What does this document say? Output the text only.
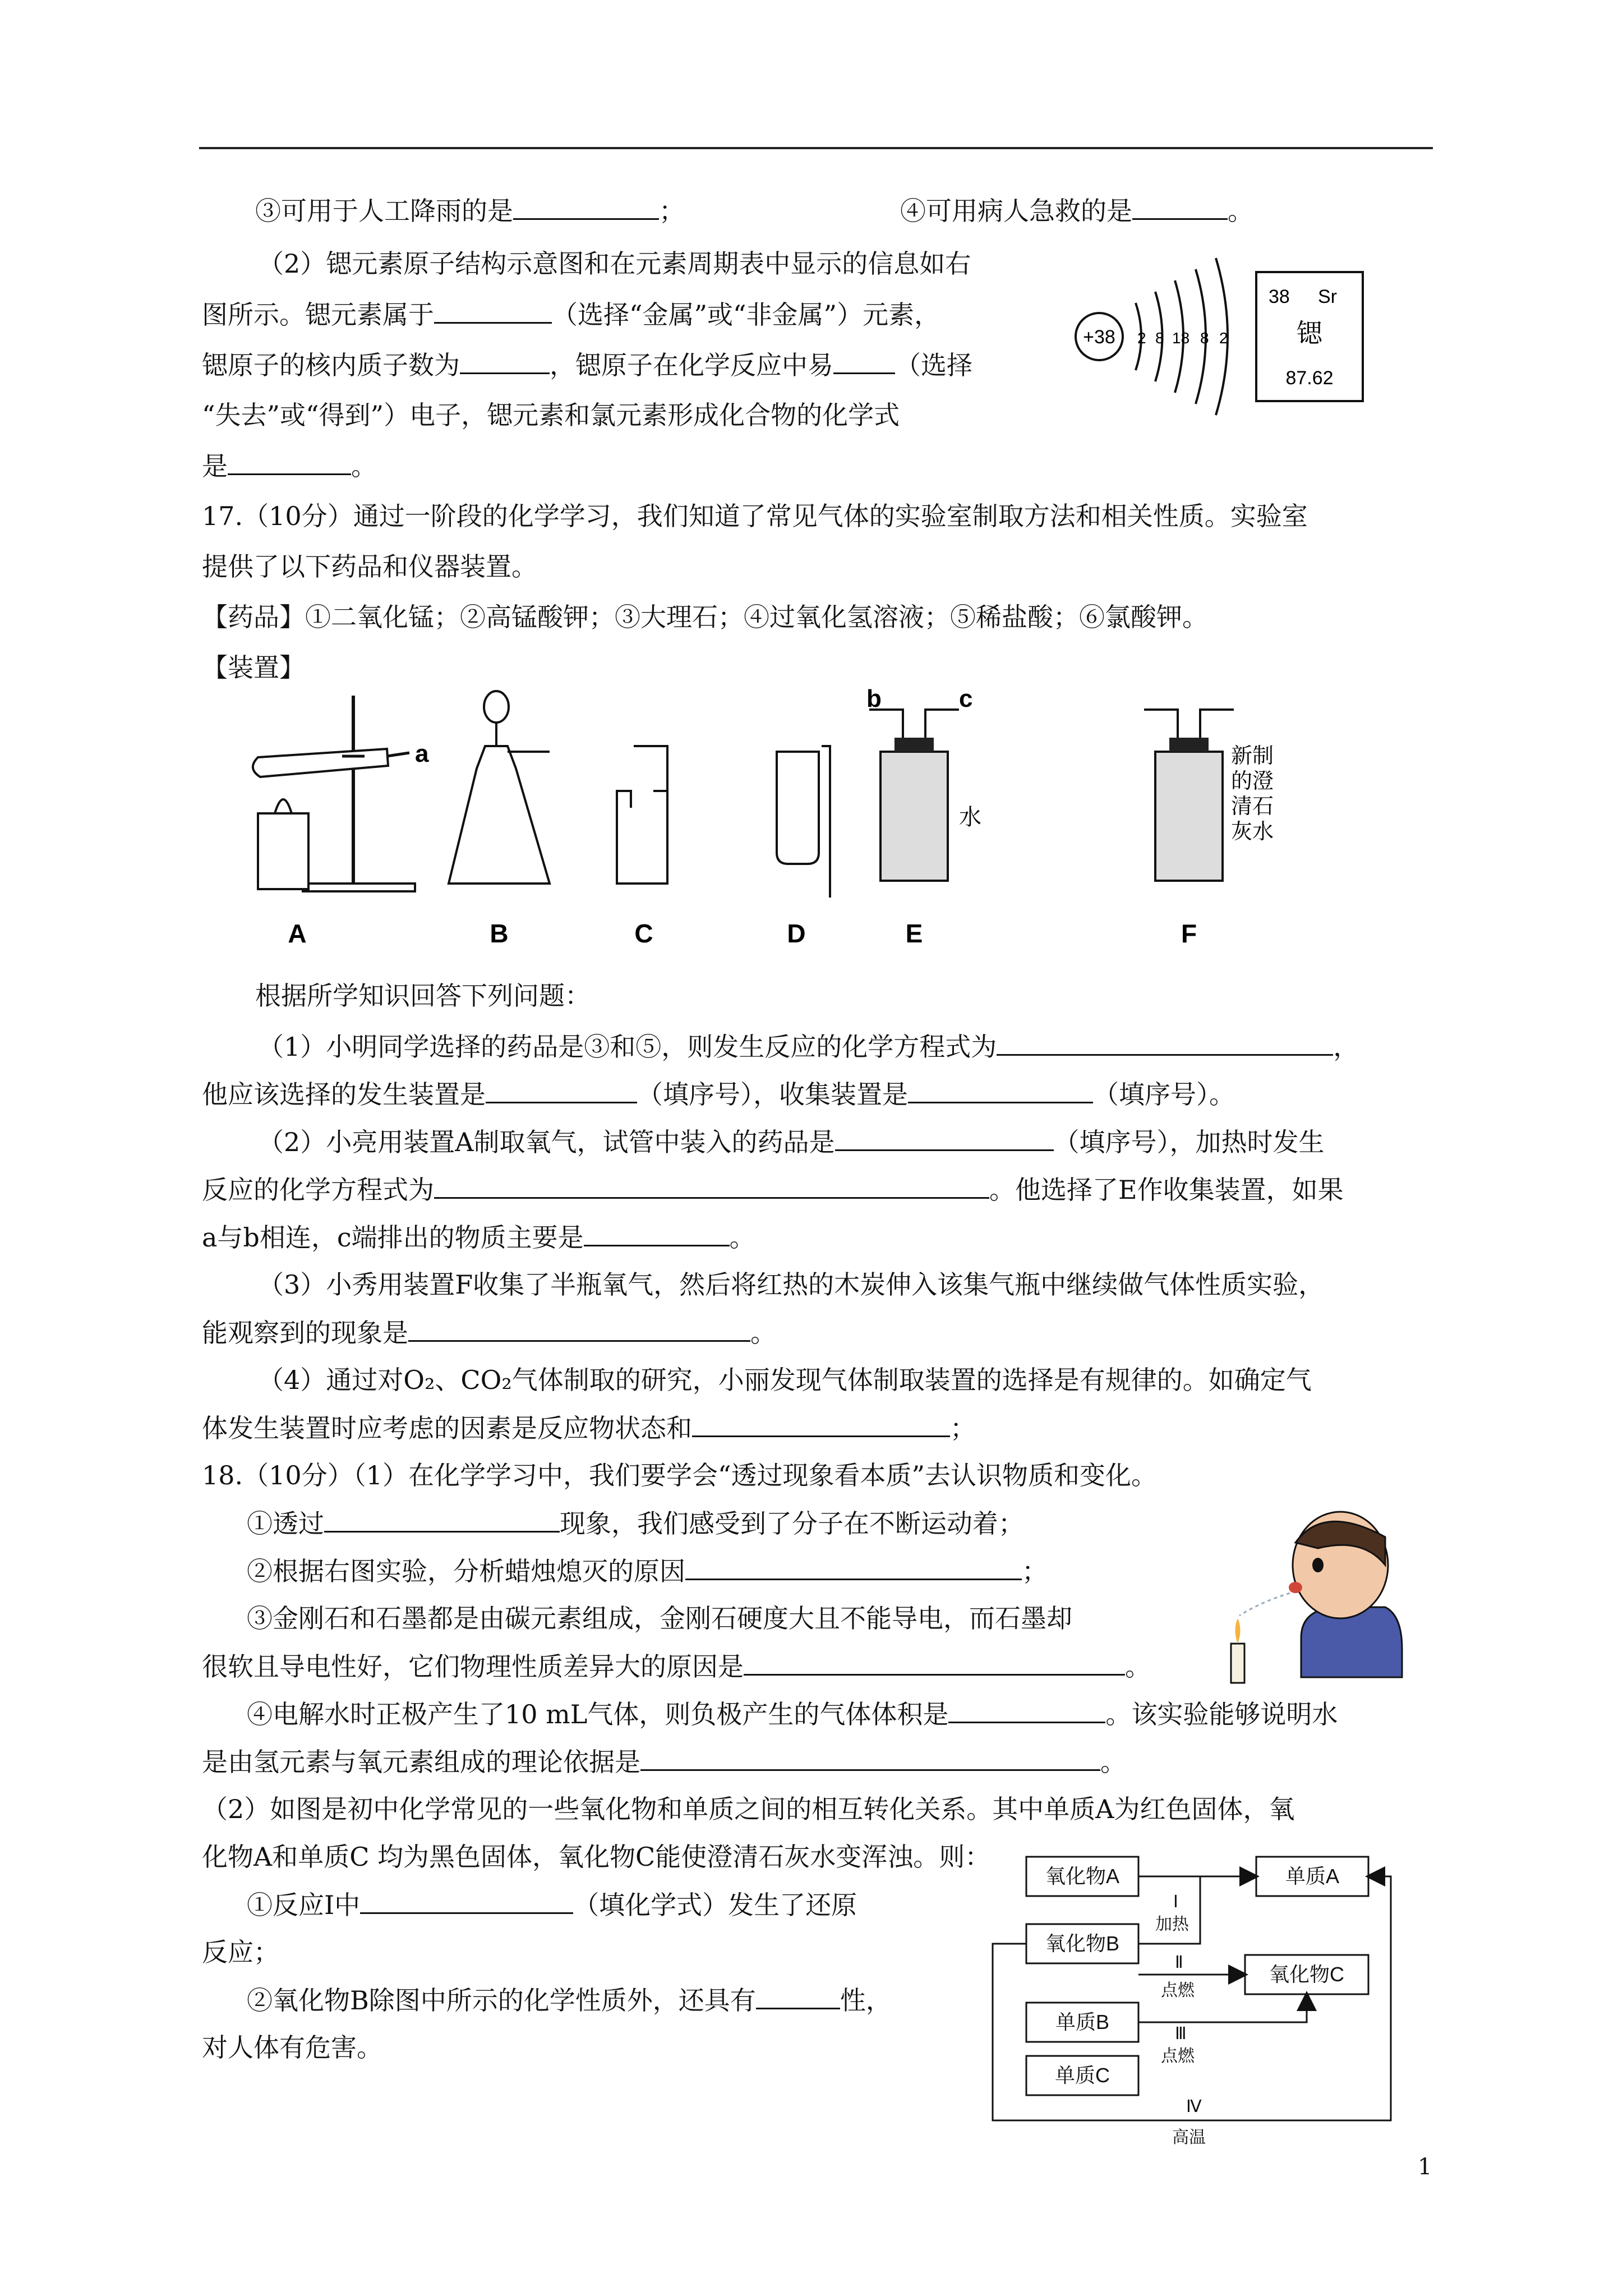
③可用于人工降雨的是	；	④可用病人急救的是	。
（2）锶元素原子结构示意图和在元素周期表中显示的信息如右
图所示。锶元素属于	（选择“金属”或“非金属”）元素，
锶原子的核内质子数为	，锶原子在化学反应中易 （选择
“失去”或“得到”）电子，锶元素和氯元素形成化合物的化学式
是	。
+38 2 8 18 8 2
38 Sr
锶
87.62
17.（10分）通过一阶段的化学学习，我们知道了常见气体的实验室制取方法和相关性质。实验室
提供了以下药品和仪器装置。
【药品】①二氧化锰；②高锰酸钾；③大理石；④过氧化氢溶液；⑤稀盐酸；⑥氯酸钾。
【装置】
a
A	B	C	D
b	c
水
E
新制
的澄
清石
灰水
F
根据所学知识回答下列问题：
（1）小明同学选择的药品是③和⑤，则发生反应的化学方程式为	，
他应该选择的发生装置是	（填序号），收集装置是	（填序号）。
（2）小亮用装置A制取氧气，试管中装入的药品是	（填序号），加热时发生
反应的化学方程式为	。他选择了E作收集装置，如果
a与b相连，c端排出的物质主要是	。
（3）小秀用装置F收集了半瓶氧气，然后将红热的木炭伸入该集气瓶中继续做气体性质实验，
能观察到的现象是	。
（4）通过对O₂、CO₂气体制取的研究，小丽发现气体制取装置的选择是有规律的。如确定气
体发生装置时应考虑的因素是反应物状态和	；
18.（10分）（1）在化学学习中，我们要学会“透过现象看本质”去认识物质和变化。
①透过	现象，我们感受到了分子在不断运动着；
②根据右图实验，分析蜡烛熄灭的原因	；
③金刚石和石墨都是由碳元素组成，金刚石硬度大且不能导电，而石墨却
很软且导电性好，它们物理性质差异大的原因是	。
④电解水时正极产生了10 mL气体，则负极产生的气体体积是	。该实验能够说明水
是由氢元素与氧元素组成的理论依据是	。
（2）如图是初中化学常见的一些氧化物和单质之间的相互转化关系。其中单质A为红色固体，氧
化物A和单质C 均为黑色固体，氧化物C能使澄清石灰水变浑浊。则：
①反应Ⅰ中	（填化学式）发生了还原
反应；
②氧化物B除图中所示的化学性质外，还具有	性，
对人体有危害。
氧化物A
氧化物B
单质B
单质C
单质A
氧化物C
Ⅰ
加热
Ⅱ
点燃
Ⅲ
点燃
Ⅳ
高温
1
